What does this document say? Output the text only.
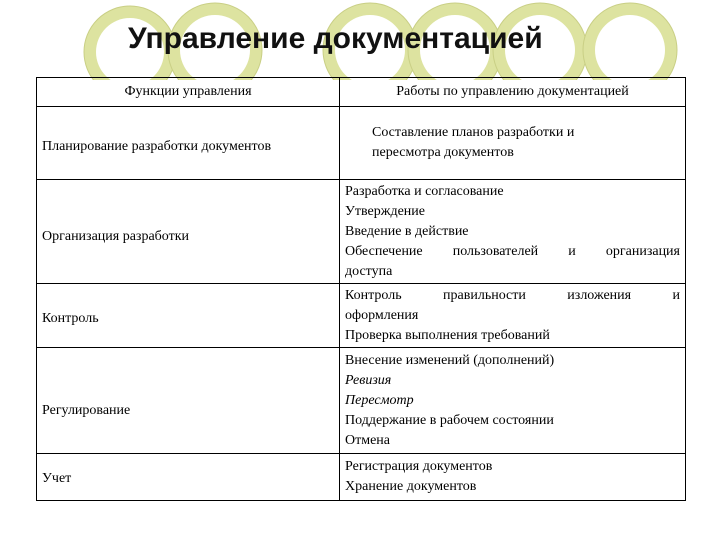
Управление документацией
Функции управления	Работы по управлению документацией
Планирование разработки документов	Составление планов разработки и
пересмотра документов

Организация разработки	Разработка и согласование
Утверждение
Введение в действие
Обеспечение пользователей и организация
доступа

Контроль	Контроль правильности изложения и
оформления
Проверка выполнения требований

Регулирование	Внесение изменений (дополнений)
Ревизия
Пересмотр
Поддержание в рабочем состоянии
Отмена

Учет	Регистрация документов
Хранение документов
